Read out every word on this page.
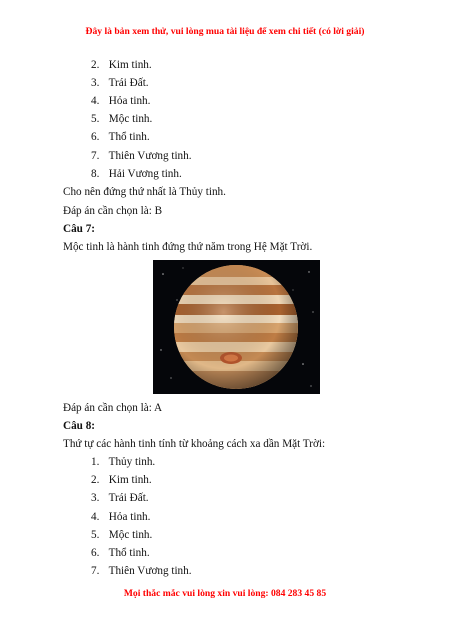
Đây là bản xem thử, vui lòng mua tài liệu để xem chi tiết (có lời giải)
2. Kim tinh.
3. Trái Đất.
4. Hỏa tinh.
5. Mộc tinh.
6. Thổ tinh.
7. Thiên Vương tinh.
8. Hải Vương tinh.
Cho nên đứng thứ nhất là Thủy tinh.
Đáp án cần chọn là: B
Câu 7:
Mộc tinh là hành tinh đứng thứ năm trong Hệ Mặt Trời.
Đáp án cần chọn là: A
Câu 8:
Thứ tự các hành tinh tính từ khoảng cách xa dần Mặt Trời:
1. Thủy tinh.
2. Kim tinh.
3. Trái Đất.
4. Hỏa tinh.
5. Mộc tinh.
6. Thổ tinh.
7. Thiên Vương tinh.
Mọi thắc mắc vui lòng xin vui lòng: 084 283 45 85
